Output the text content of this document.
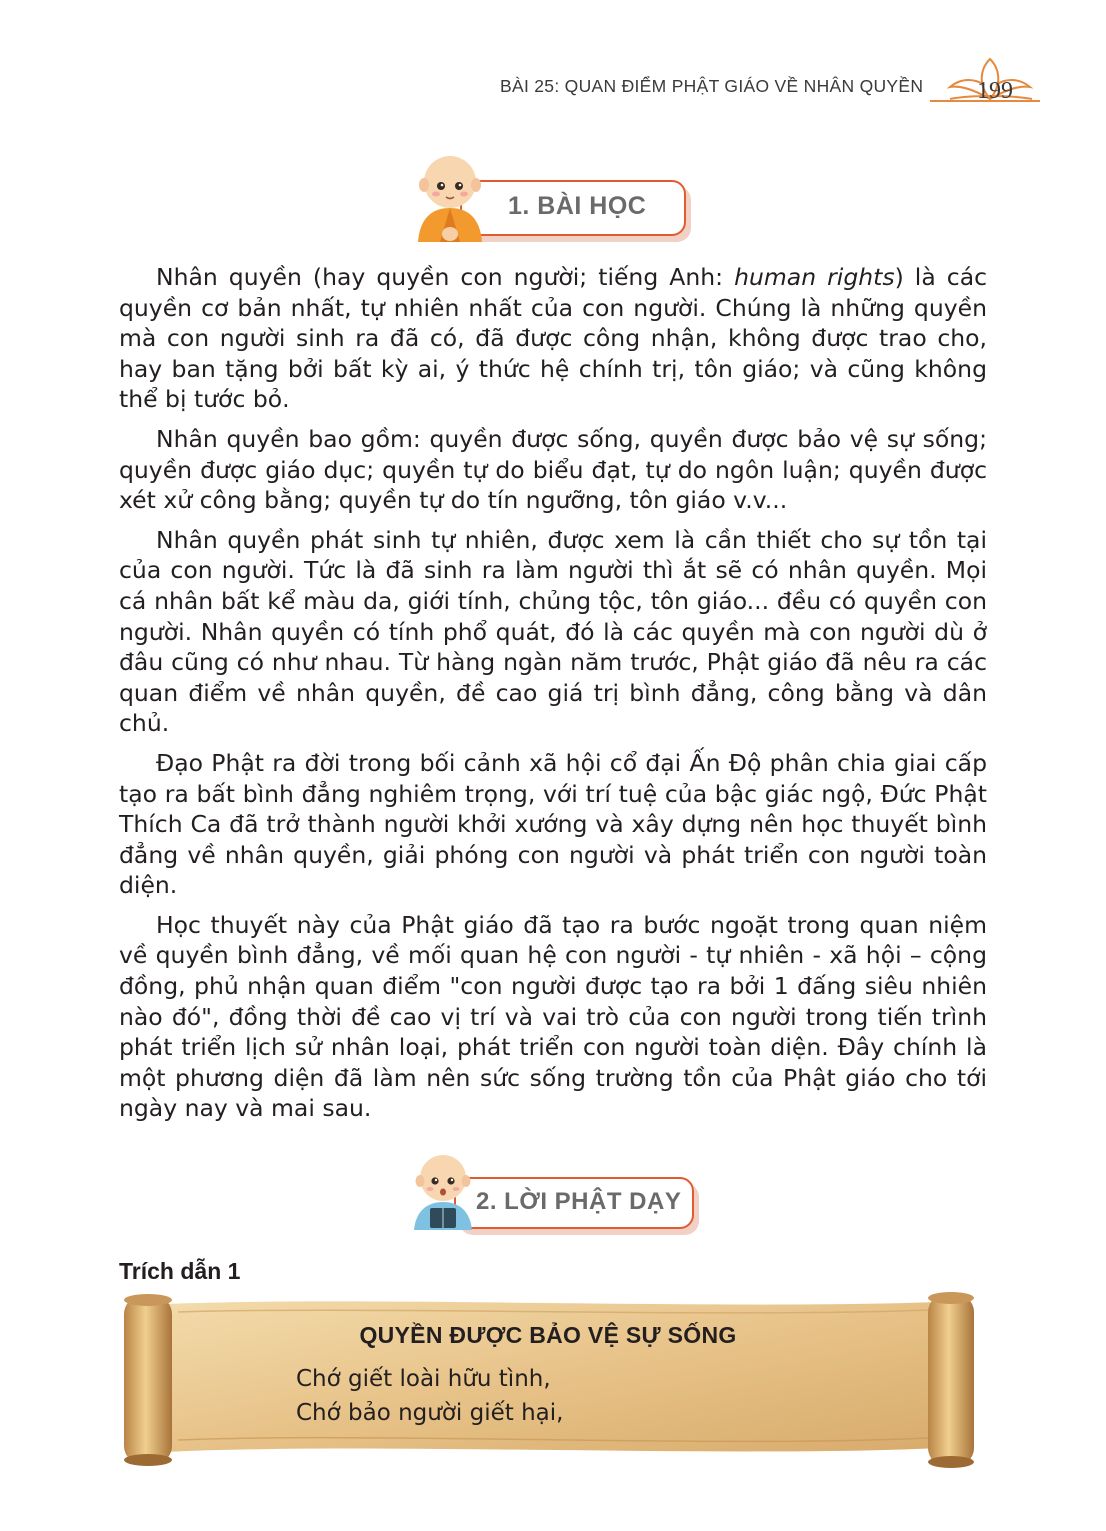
BÀI 25: QUAN ĐIỂM PHẬT GIÁO VỀ NHÂN QUYỀN	199
1. BÀI HỌC

Nhân quyền (hay quyền con người; tiếng Anh: human rights) là các quyền cơ bản nhất, tự nhiên nhất của con người. Chúng là những quyền mà con người sinh ra đã có, đã được công nhận, không được trao cho, hay ban tặng bởi bất kỳ ai, ý thức hệ chính trị, tôn giáo; và cũng không thể bị tước bỏ.

Nhân quyền bao gồm: quyền được sống, quyền được bảo vệ sự sống; quyền được giáo dục; quyền tự do biểu đạt, tự do ngôn luận; quyền được xét xử công bằng; quyền tự do tín ngưỡng, tôn giáo v.v...

Nhân quyền phát sinh tự nhiên, được xem là cần thiết cho sự tồn tại của con người. Tức là đã sinh ra làm người thì ắt sẽ có nhân quyền. Mọi cá nhân bất kể màu da, giới tính, chủng tộc, tôn giáo... đều có quyền con người. Nhân quyền có tính phổ quát, đó là các quyền mà con người dù ở đâu cũng có như nhau. Từ hàng ngàn năm trước, Phật giáo đã nêu ra các quan điểm về nhân quyền, đề cao giá trị bình đẳng, công bằng và dân chủ.

Đạo Phật ra đời trong bối cảnh xã hội cổ đại Ấn Độ phân chia giai cấp tạo ra bất bình đẳng nghiêm trọng, với trí tuệ của bậc giác ngộ, Đức Phật Thích Ca đã trở thành người khởi xướng và xây dựng nên học thuyết bình đẳng về nhân quyền, giải phóng con người và phát triển con người toàn diện.

Học thuyết này của Phật giáo đã tạo ra bước ngoặt trong quan niệm về quyền bình đẳng, về mối quan hệ con người - tự nhiên - xã hội – cộng đồng, phủ nhận quan điểm "con người được tạo ra bởi 1 đấng siêu nhiên nào đó", đồng thời đề cao vị trí và vai trò của con người trong tiến trình phát triển lịch sử nhân loại, phát triển con người toàn diện. Đây chính là một phương diện đã làm nên sức sống trường tồn của Phật giáo cho tới ngày nay và mai sau.

2. LỜI PHẬT DẠY
Trích dẫn 1
QUYỀN ĐƯỢC BẢO VỆ SỰ SỐNG
Chớ giết loài hữu tình,
Chớ bảo người giết hại,
